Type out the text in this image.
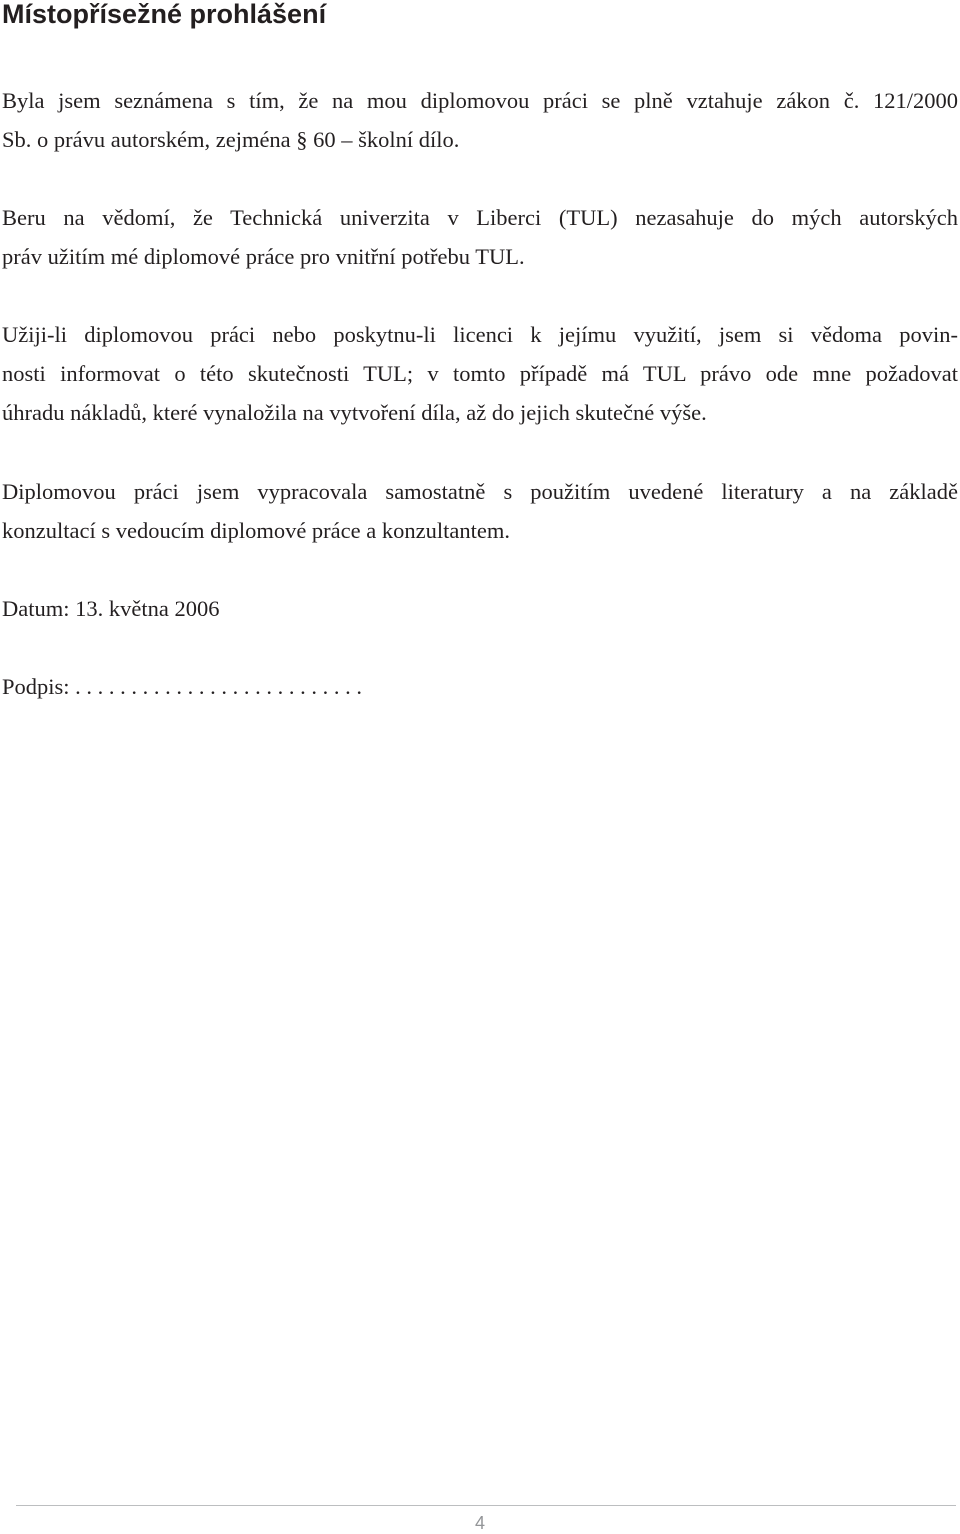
Místopřísežné prohlášení

Byla jsem seznámena s tím, že na mou diplomovou práci se plně vztahuje zákon č. 121/2000
Sb. o právu autorském, zejména § 60 – školní dílo.

Beru na vědomí, že Technická univerzita v Liberci (TUL) nezasahuje do mých autorských
práv užitím mé diplomové práce pro vnitřní potřebu TUL.

Užiji-li diplomovou práci nebo poskytnu-li licenci k jejímu využití, jsem si vědoma povin-
nosti informovat o této skutečnosti TUL; v tomto případě má TUL právo ode mne požadovat
úhradu nákladů, které vynaložila na vytvoření díla, až do jejich skutečné výše.

Diplomovou práci jsem vypracovala samostatně s použitím uvedené literatury a na základě
konzultací s vedoucím diplomové práce a konzultantem.

Datum: 13. května 2006

Podpis: . . . . . . . . . . . . . . . . . . . . . . . . . .

4
